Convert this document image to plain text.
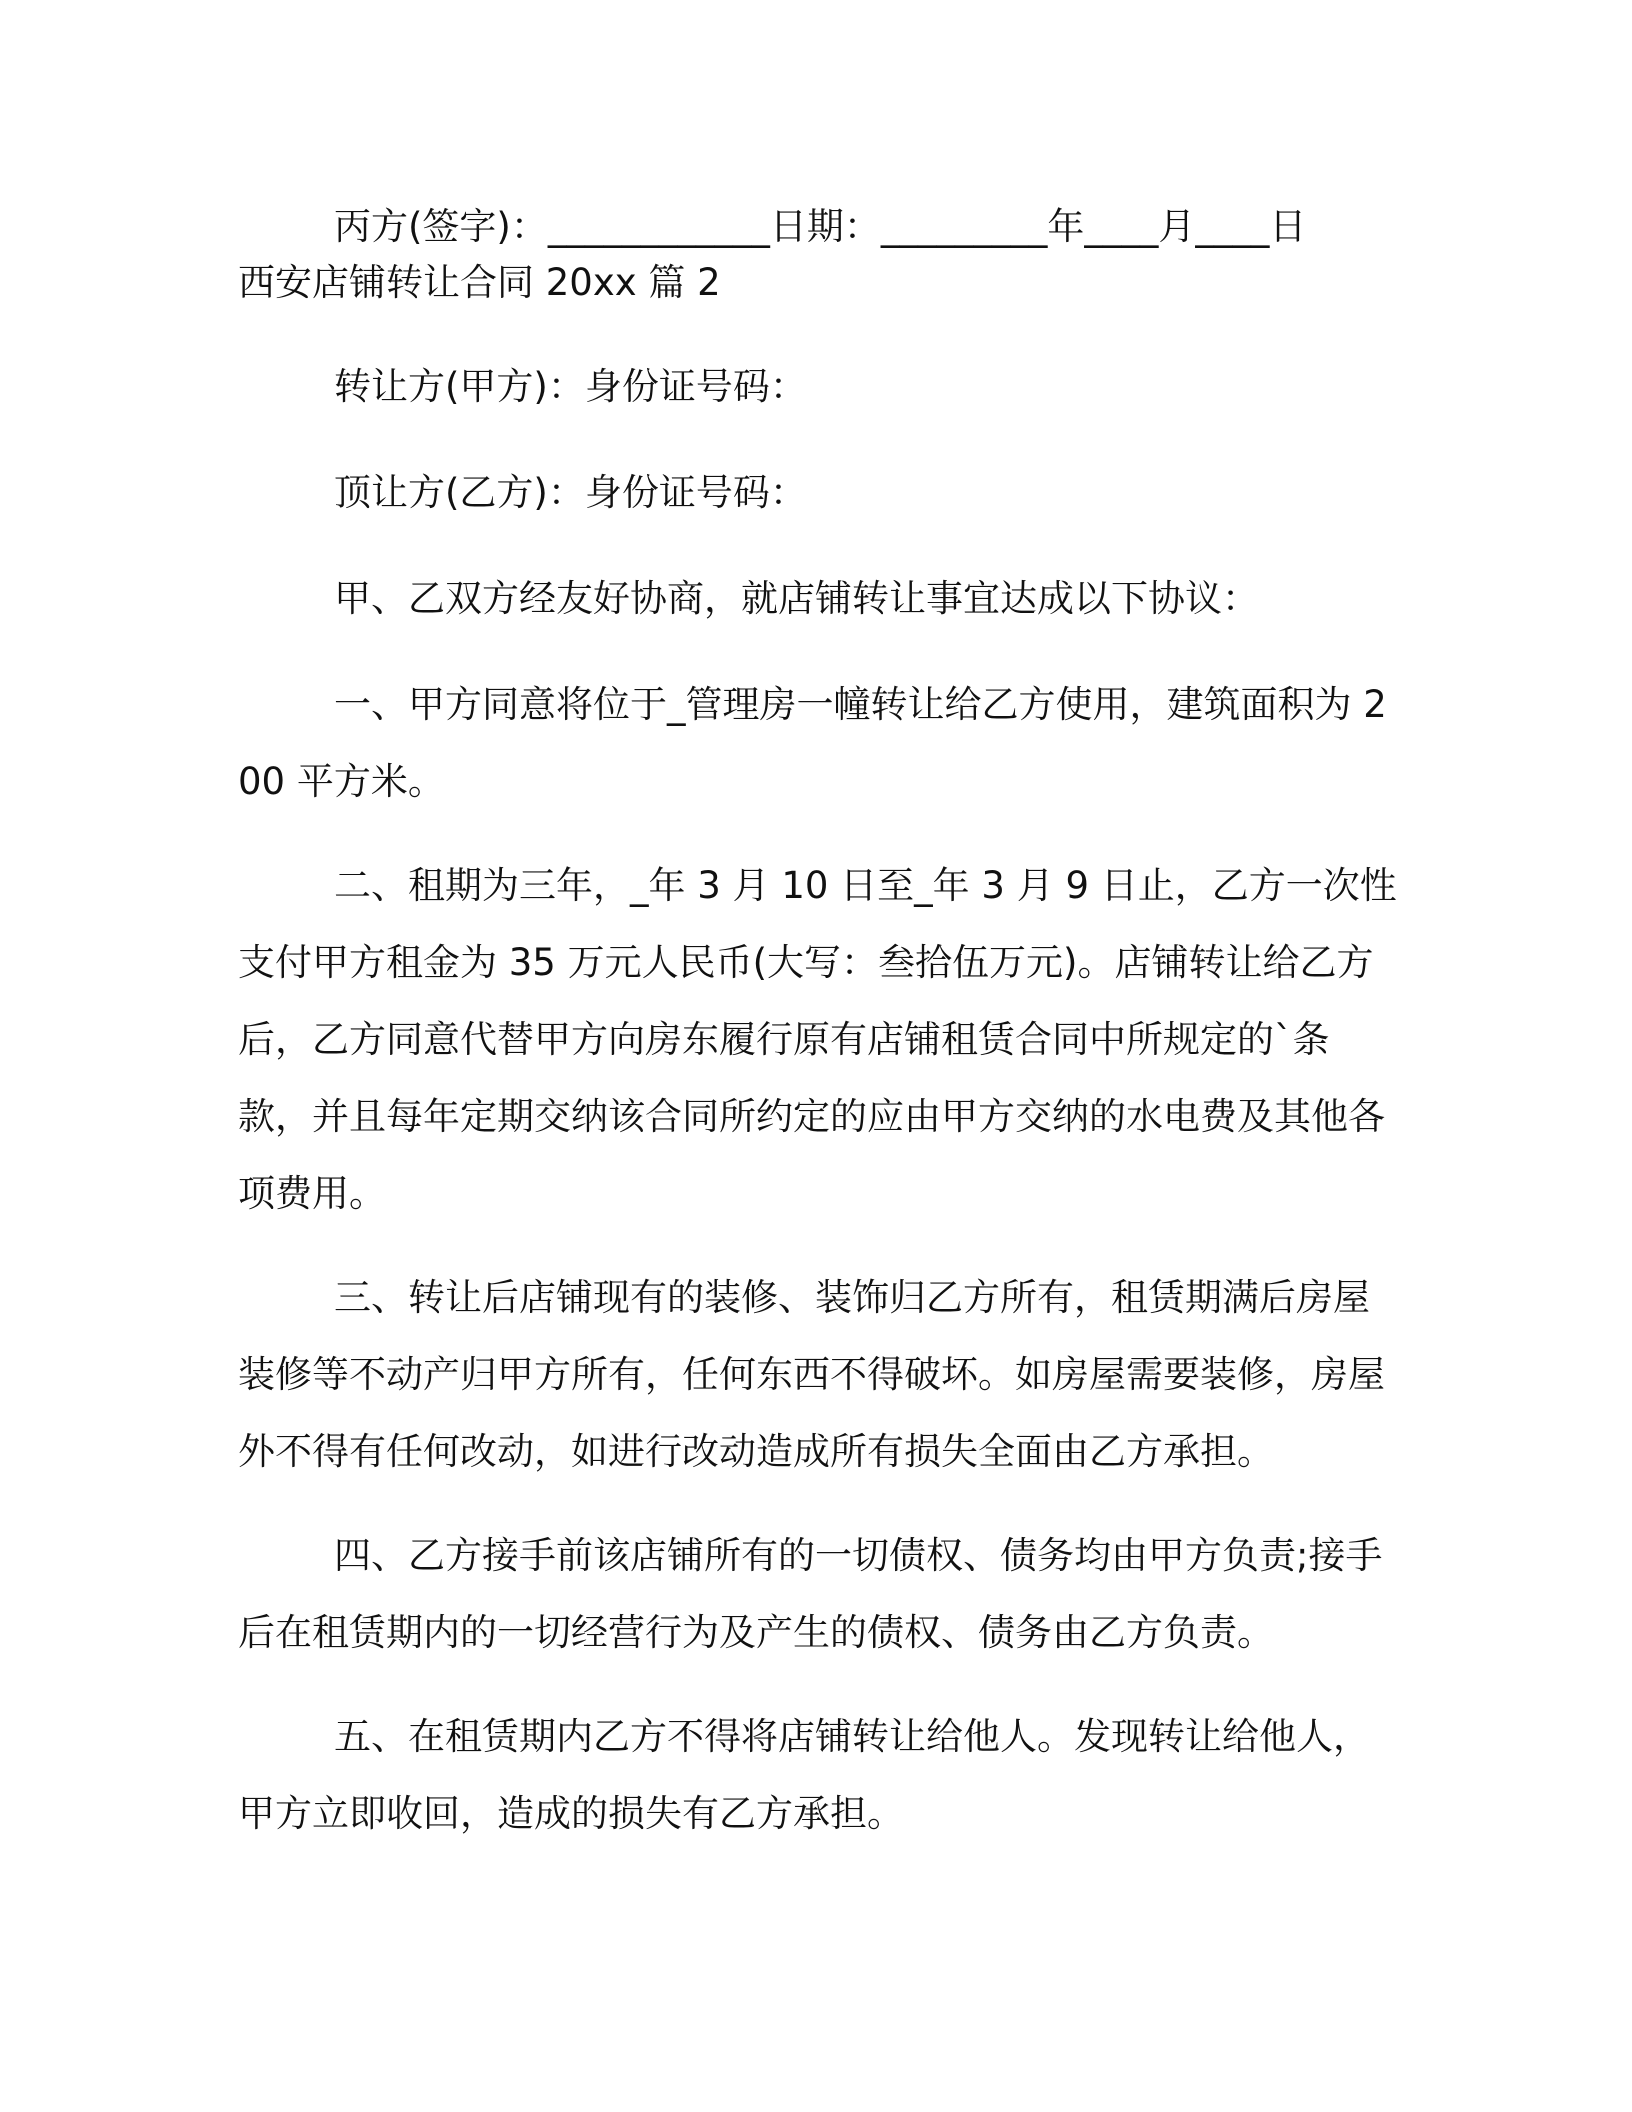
丙方(签字)：____________日期：_________年____月____日

西安店铺转让合同 20xx 篇 2

转让方(甲方)：身份证号码：

顶让方(乙方)：身份证号码：

甲、乙双方经友好协商，就店铺转让事宜达成以下协议：

一、甲方同意将位于_管理房一幢转让给乙方使用，建筑面积为 200 平方米。

二、租期为三年，_年 3 月 10 日至_年 3 月 9 日止，乙方一次性支付甲方租金为 35 万元人民币(大写：叁拾伍万元)。店铺转让给乙方后，乙方同意代替甲方向房东履行原有店铺租赁合同中所规定的`条款，并且每年定期交纳该合同所约定的应由甲方交纳的水电费及其他各项费用。

三、转让后店铺现有的装修、装饰归乙方所有，租赁期满后房屋装修等不动产归甲方所有，任何东西不得破坏。如房屋需要装修，房屋外不得有任何改动，如进行改动造成所有损失全面由乙方承担。

四、乙方接手前该店铺所有的一切债权、债务均由甲方负责;接手后在租赁期内的一切经营行为及产生的债权、债务由乙方负责。

五、在租赁期内乙方不得将店铺转让给他人。发现转让给他人，甲方立即收回，造成的损失有乙方承担。
